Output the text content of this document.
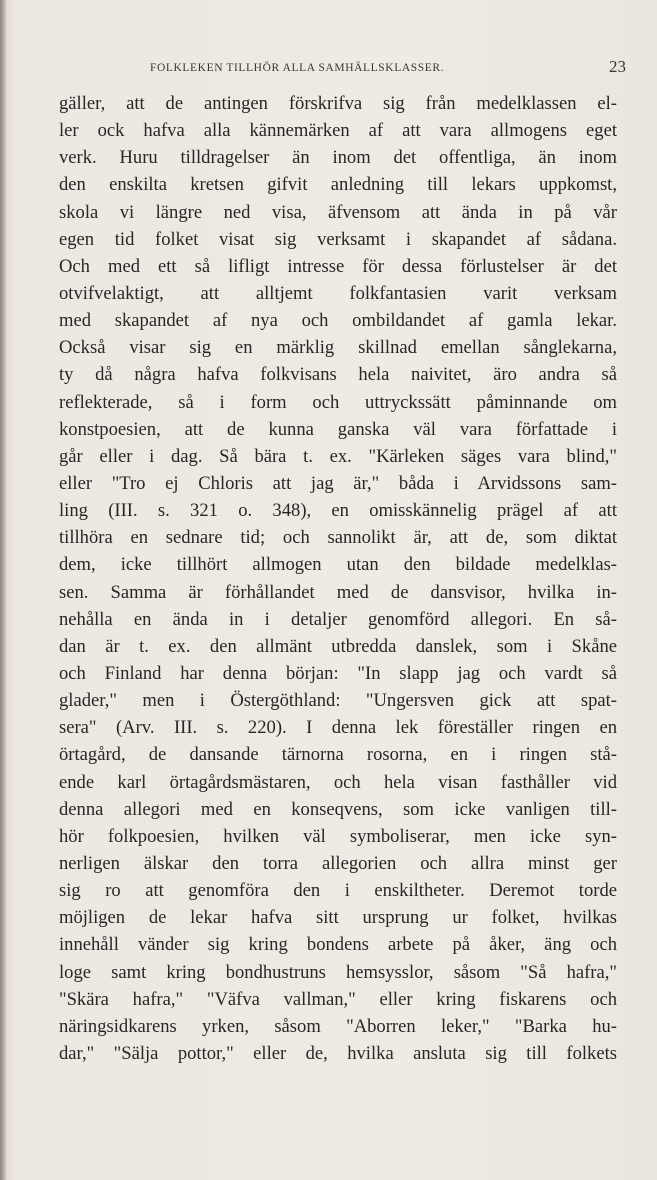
FOLKLEKEN TILLHÖR ALLA SAMHÄLLSKLASSER.	23
gäller, att de antingen förskrifva sig från medelklassen el-
ler ock hafva alla kännemärken af att vara allmogens eget
verk. Huru tilldragelser än inom det offentliga, än inom
den enskilta kretsen gifvit anledning till lekars uppkomst,
skola vi längre ned visa, äfvensom att ända in på vår
egen tid folket visat sig verksamt i skapandet af sådana.
Och med ett så lifligt intresse för dessa förlustelser är det
otvifvelaktigt, att alltjemt folkfantasien varit verksam
med skapandet af nya och ombildandet af gamla lekar.
Också visar sig en märklig skillnad emellan sånglekarna,
ty då några hafva folkvisans hela naivitet, äro andra så
reflekterade, så i form och uttryckssätt påminnande om
konstpoesien, att de kunna ganska väl vara författade i
går eller i dag. Så bära t. ex. "Kärleken säges vara blind,"
eller "Tro ej Chloris att jag är," båda i Arvidssons sam-
ling (III. s. 321 o. 348), en omisskännelig prägel af att
tillhöra en sednare tid; och sannolikt är, att de, som diktat
dem, icke tillhört allmogen utan den bildade medelklas-
sen. Samma är förhållandet med de dansvisor, hvilka in-
nehålla en ända in i detaljer genomförd allegori. En så-
dan är t. ex. den allmänt utbredda danslek, som i Skåne
och Finland har denna början: "In slapp jag och vardt så
glader," men i Östergöthland: "Ungersven gick att spat-
sera" (Arv. III. s. 220). I denna lek föreställer ringen en
örtagård, de dansande tärnorna rosorna, en i ringen stå-
ende karl örtagårdsmästaren, och hela visan fasthåller vid
denna allegori med en konseqvens, som icke vanligen till-
hör folkpoesien, hvilken väl symboliserar, men icke syn-
nerligen älskar den torra allegorien och allra minst ger
sig ro att genomföra den i enskiltheter. Deremot torde
möjligen de lekar hafva sitt ursprung ur folket, hvilkas
innehåll vänder sig kring bondens arbete på åker, äng och
loge samt kring bondhustruns hemsysslor, såsom "Så hafra,"
"Skära hafra," "Väfva vallman," eller kring fiskarens och
näringsidkarens yrken, såsom "Aborren leker," "Barka hu-
dar," "Sälja pottor," eller de, hvilka ansluta sig till folkets
